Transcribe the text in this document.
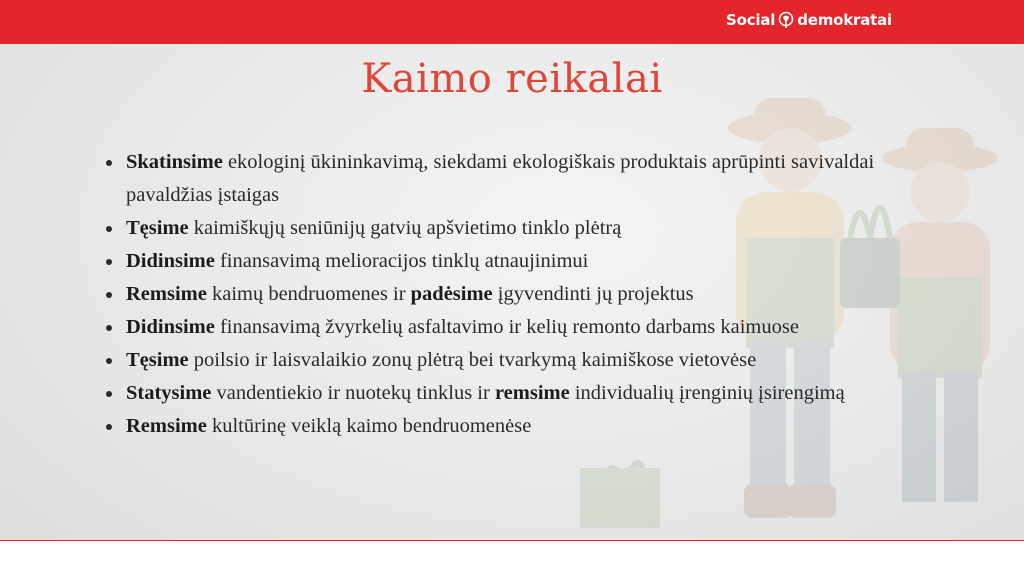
Social demokratai
Kaimo reikalai
Skatinsime ekologinį ūkininkavimą, siekdami ekologiškais produktais aprūpinti savivaldai pavaldžias įstaigas
Tęsime kaimiškųjų seniūnijų gatvių apšvietimo tinklo plėtrą
Didinsime finansavimą melioracijos tinklų atnaujinimui
Remsime kaimų bendruomenes ir padėsime įgyvendinti jų projektus
Didinsime finansavimą žvyrkelių asfaltavimo ir kelių remonto darbams kaimuose
Tęsime poilsio ir laisvalaikio zonų plėtrą bei tvarkymą kaimiškose vietovėse
Statysime vandentiekio ir nuotekų tinklus ir remsime individualių įrenginių įsirengimą
Remsime kultūrinę veiklą kaimo bendruomenėse
